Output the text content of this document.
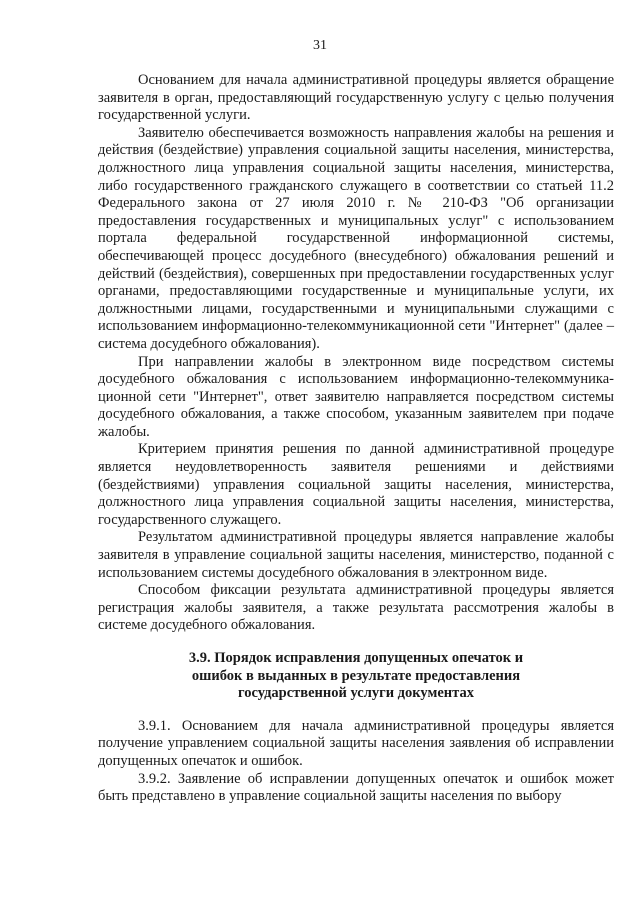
31

Основанием для начала административной процедуры является обращение заявителя в орган, предоставляющий государственную услугу с целью получения государственной услуги.

Заявителю обеспечивается возможность направления жалобы на решения и действия (бездействие) управления социальной защиты населения, министерства, должностного лица управления социальной защиты населения, министерства, либо государственного гражданского служащего в соответствии со статьей 11.2 Федерального закона от 27 июля 2010 г. № 210-ФЗ "Об организации предоставления государственных и муниципальных услуг" с использованием портала федеральной государственной информационной системы, обеспечивающей процесс досудебного (внесудебного) обжалования решений и действий (бездействия), совершенных при предоставлении государственных услуг органами, предоставляющими государственные и муниципальные услуги, их должностными лицами, государственными и муниципальными служащими с использованием информационно-телекоммуникационной сети "Интернет" (далее – система досудебного обжалования).

При направлении жалобы в электронном виде посредством системы досудебного обжалования с использованием информационно-телекоммуникационной сети "Интернет", ответ заявителю направляется посредством системы досудебного обжалования, а также способом, указанным заявителем при подаче жалобы.

Критерием принятия решения по данной административной процедуре является неудовлетворенность заявителя решениями и действиями (бездействиями) управления социальной защиты населения, министерства, должностного лица управления социальной защиты населения, министерства, государственного служащего.

Результатом административной процедуры является направление жалобы заявителя в управление социальной защиты населения, министерство, поданной с использованием системы досудебного обжалования в электронном виде.

Способом фиксации результата административной процедуры является регистрация жалобы заявителя, а также результата рассмотрения жалобы в системе досудебного обжалования.

3.9. Порядок исправления допущенных опечаток и
ошибок в выданных в результате предоставления
государственной услуги документах

3.9.1. Основанием для начала административной процедуры является получение управлением социальной защиты населения заявления об исправлении допущенных опечаток и ошибок.

3.9.2. Заявление об исправлении допущенных опечаток и ошибок может быть представлено в управление социальной защиты населения по выбору
